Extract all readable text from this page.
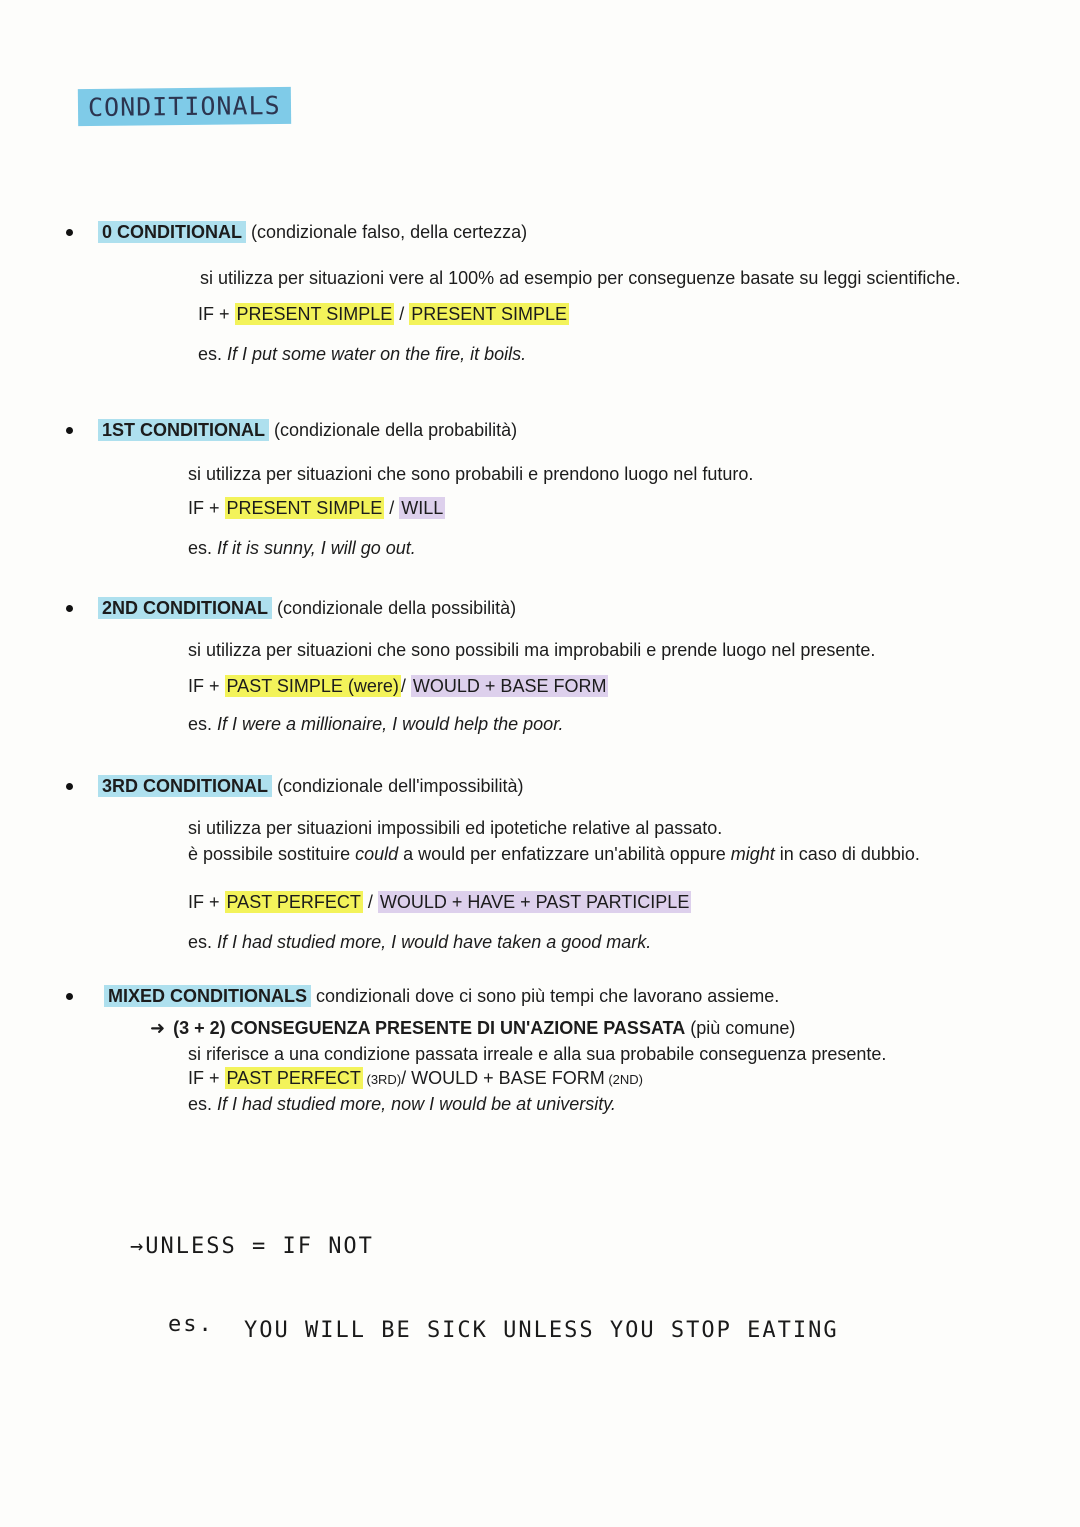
CONDITIONALS
0 CONDITIONAL (condizionale falso, della certezza)
si utilizza per situazioni vere al 100% ad esempio per conseguenze basate su leggi scientifiche.
IF + PRESENT SIMPLE / PRESENT SIMPLE
es. If I put some water on the fire, it boils.
1ST CONDITIONAL (condizionale della probabilità)
si utilizza per situazioni che sono probabili e prendono luogo nel futuro.
IF + PRESENT SIMPLE / WILL
es. If it is sunny, I will go out.
2ND CONDITIONAL (condizionale della possibilità)
si utilizza per situazioni che sono possibili ma improbabili e prende luogo nel presente.
IF + PAST SIMPLE (were) / WOULD + BASE FORM
es. If I were a millionaire, I would help the poor.
3RD CONDITIONAL (condizionale dell'impossibilità)
si utilizza per situazioni impossibili ed ipotetiche relative al passato.
è possibile sostituire could a would per enfatizzare un'abilità oppure might in caso di dubbio.
IF + PAST PERFECT / WOULD + HAVE + PAST PARTICIPLE
es. If I had studied more, I would have taken a good mark.
MIXED CONDITIONALS condizionali dove ci sono più tempi che lavorano assieme.
➜ (3 + 2) CONSEGUENZA PRESENTE DI UN'AZIONE PASSATA (più comune)
si riferisce a una condizione passata irreale e alla sua probabile conseguenza presente.
IF + PAST PERFECT (3RD)/ WOULD + BASE FORM (2ND)
es. If I had studied more, now I would be at university.
→UNLESS = IF NOT
es. YOU WILL BE SICK UNLESS YOU STOP EATING
